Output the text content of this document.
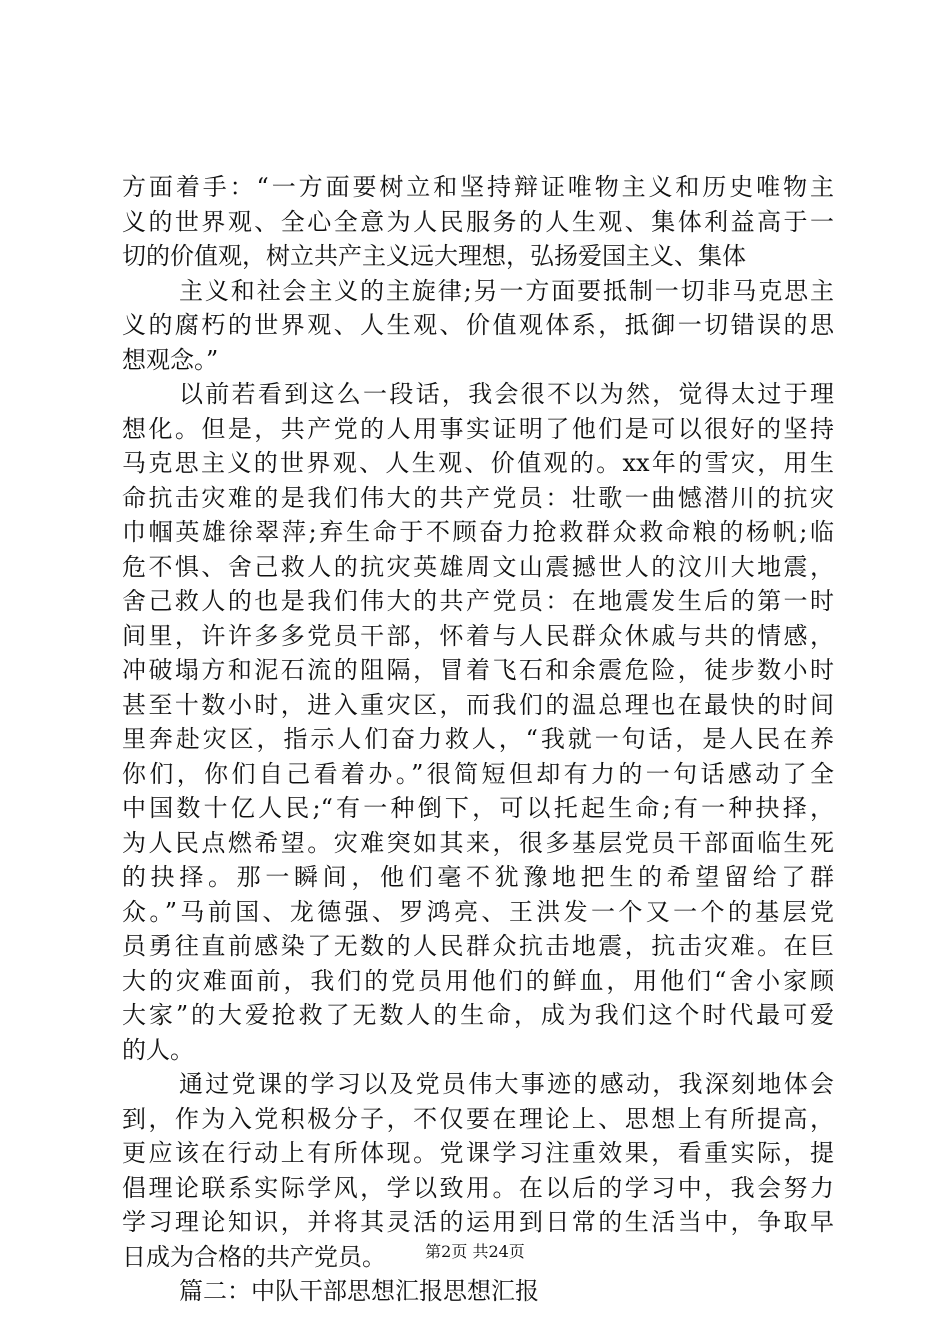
方面着手：“一方面要树立和坚持辩证唯物主义和历史唯物主
义的世界观、全心全意为人民服务的人生观、集体利益高于一
切的价值观，树立共产主义远大理想，弘扬爱国主义、集体
主义和社会主义的主旋律;另一方面要抵制一切非马克思主
义的腐朽的世界观、人生观、价值观体系，抵御一切错误的思
想观念。”
以前若看到这么一段话，我会很不以为然，觉得太过于理
想化。但是，共产党的人用事实证明了他们是可以很好的坚持
马克思主义的世界观、人生观、价值观的。xx年的雪灾，用生
命抗击灾难的是我们伟大的共产党员：壮歌一曲憾潜川的抗灾
巾帼英雄徐翠萍;弃生命于不顾奋力抢救群众救命粮的杨帆;临
危不惧、舍己救人的抗灾英雄周文山震撼世人的汶川大地震，
舍己救人的也是我们伟大的共产党员：在地震发生后的第一时
间里，许许多多党员干部，怀着与人民群众休戚与共的情感，
冲破塌方和泥石流的阻隔，冒着飞石和余震危险，徒步数小时
甚至十数小时，进入重灾区，而我们的温总理也在最快的时间
里奔赴灾区，指示人们奋力救人，“我就一句话，是人民在养
你们，你们自己看着办。”很简短但却有力的一句话感动了全
中国数十亿人民;“有一种倒下，可以托起生命;有一种抉择，
为人民点燃希望。灾难突如其来，很多基层党员干部面临生死
的抉择。那一瞬间，他们毫不犹豫地把生的希望留给了群
众。”马前国、龙德强、罗鸿亮、王洪发一个又一个的基层党
员勇往直前感染了无数的人民群众抗击地震，抗击灾难。在巨
大的灾难面前，我们的党员用他们的鲜血，用他们“舍小家顾
大家”的大爱抢救了无数人的生命，成为我们这个时代最可爱
的人。
通过党课的学习以及党员伟大事迹的感动，我深刻地体会
到，作为入党积极分子，不仅要在理论上、思想上有所提高，
更应该在行动上有所体现。党课学习注重效果，看重实际，提
倡理论联系实际学风，学以致用。在以后的学习中，我会努力
学习理论知识，并将其灵活的运用到日常的生活当中，争取早
日成为合格的共产党员。
篇二：中队干部思想汇报思想汇报
第2页 共24页
